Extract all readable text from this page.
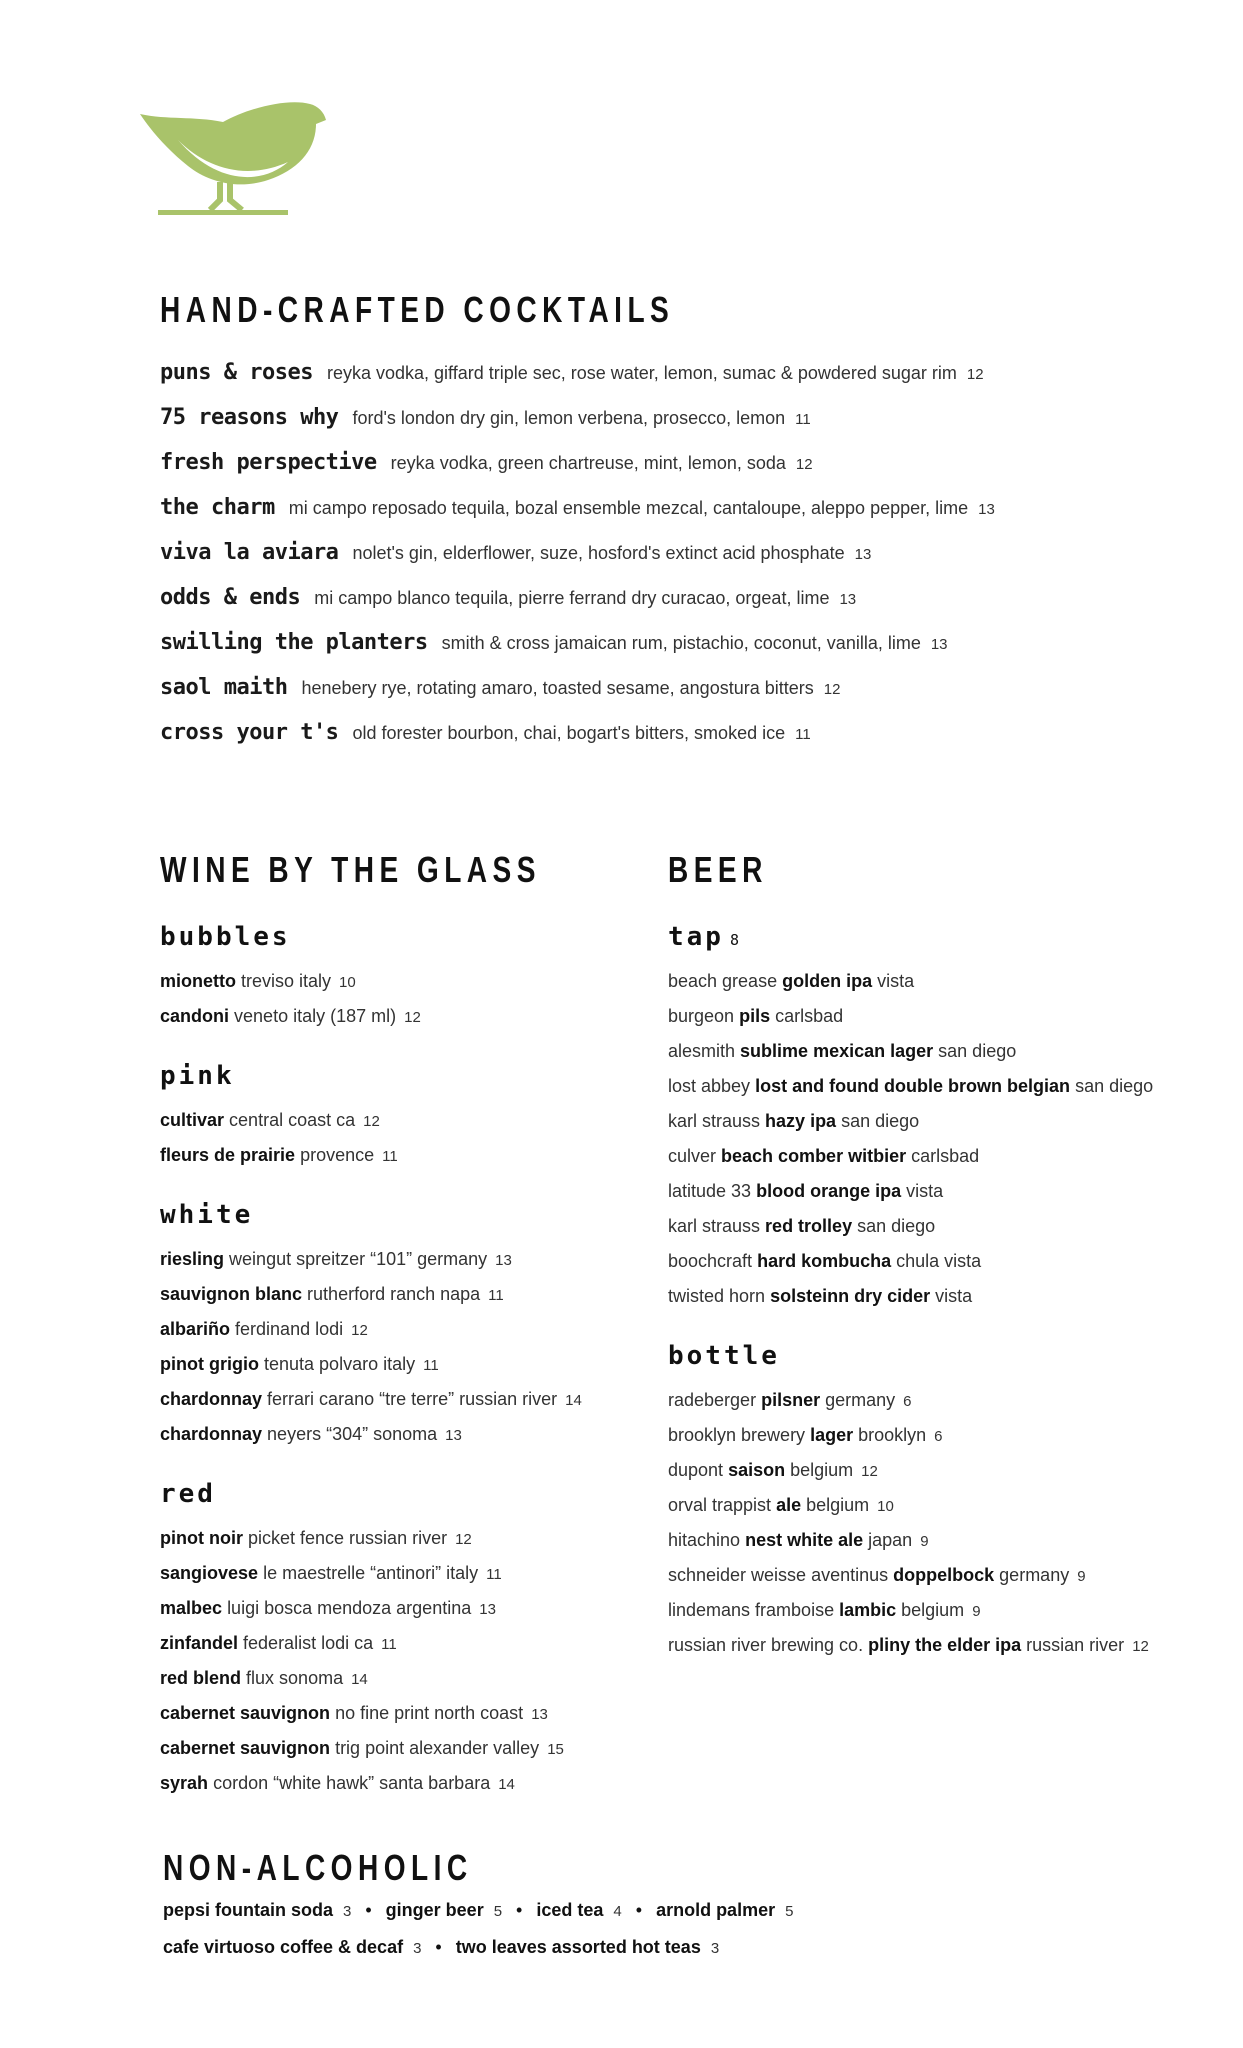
HAND-CRAFTED COCKTAILS
puns & roses reyka vodka, giffard triple sec, rose water, lemon, sumac & powdered sugar rim 12
75 reasons why ford's london dry gin, lemon verbena, prosecco, lemon 11
fresh perspective reyka vodka, green chartreuse, mint, lemon, soda 12
the charm mi campo reposado tequila, bozal ensemble mezcal, cantaloupe, aleppo pepper, lime 13
viva la aviara nolet's gin, elderflower, suze, hosford's extinct acid phosphate 13
odds & ends mi campo blanco tequila, pierre ferrand dry curacao, orgeat, lime 13
swilling the planters smith & cross jamaican rum, pistachio, coconut, vanilla, lime 13
saol maith henebery rye, rotating amaro, toasted sesame, angostura bitters 12
cross your t's old forester bourbon, chai, bogart's bitters, smoked ice 11
WINE BY THE GLASS
bubbles
mionetto treviso italy 10
candoni veneto italy (187 ml) 12
pink
cultivar central coast ca 12
fleurs de prairie provence 11
white
riesling weingut spreitzer “101” germany 13
sauvignon blanc rutherford ranch napa 11
albariño ferdinand lodi 12
pinot grigio tenuta polvaro italy 11
chardonnay ferrari carano “tre terre” russian river 14
chardonnay neyers “304” sonoma 13
red
pinot noir picket fence russian river 12
sangiovese le maestrelle “antinori” italy 11
malbec luigi bosca mendoza argentina 13
zinfandel federalist lodi ca 11
red blend flux sonoma 14
cabernet sauvignon no fine print north coast 13
cabernet sauvignon trig point alexander valley 15
syrah cordon “white hawk” santa barbara 14
BEER
tap 8
beach grease golden ipa vista
burgeon pils carlsbad
alesmith sublime mexican lager san diego
lost abbey lost and found double brown belgian san diego
karl strauss hazy ipa san diego
culver beach comber witbier carlsbad
latitude 33 blood orange ipa vista
karl strauss red trolley san diego
boochcraft hard kombucha chula vista
twisted horn solsteinn dry cider vista
bottle
radeberger pilsner germany 6
brooklyn brewery lager brooklyn 6
dupont saison belgium 12
orval trappist ale belgium 10
hitachino nest white ale japan 9
schneider weisse aventinus doppelbock germany 9
lindemans framboise lambic belgium 9
russian river brewing co. pliny the elder ipa russian river 12
NON-ALCOHOLIC
pepsi fountain soda 3 • ginger beer 5 • iced tea 4 • arnold palmer 5
cafe virtuoso coffee & decaf 3 • two leaves assorted hot teas 3
